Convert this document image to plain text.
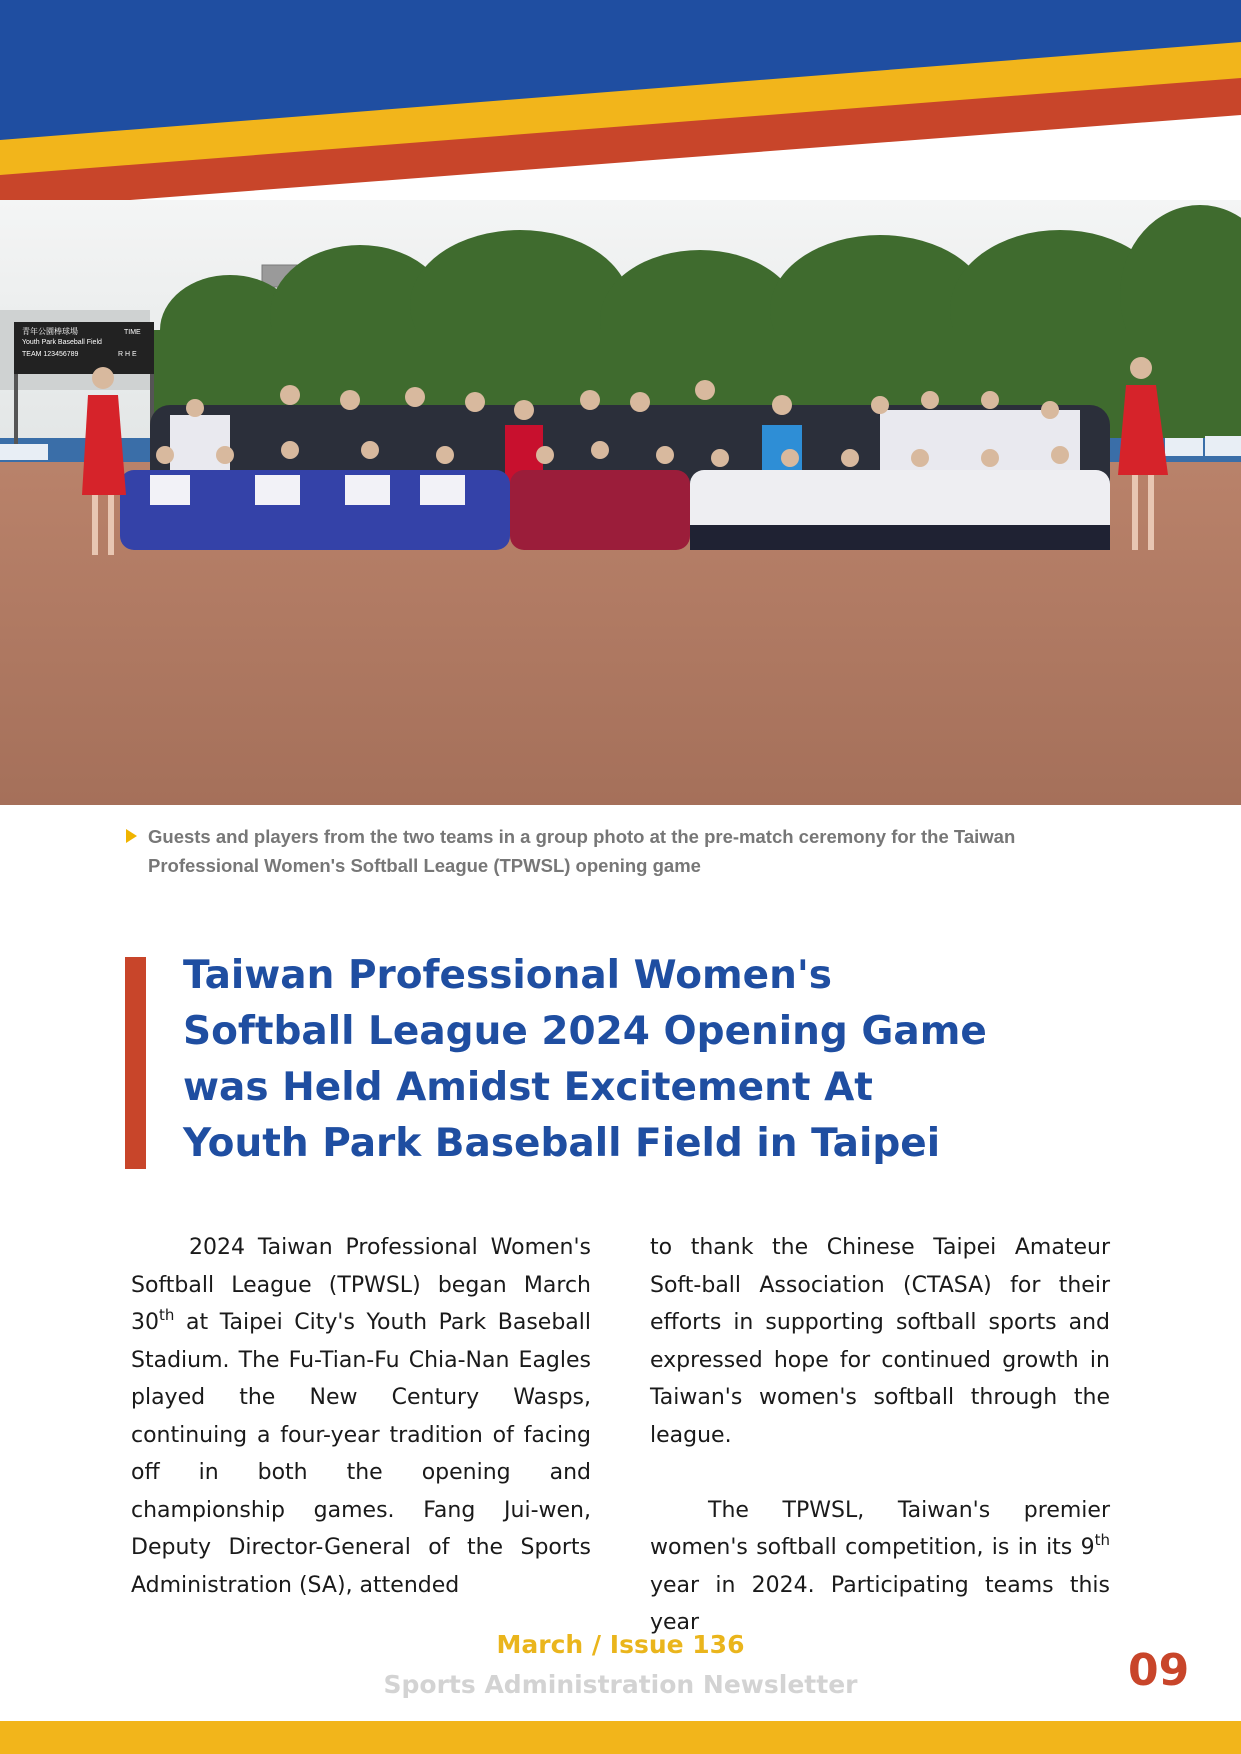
青年公園棒球場
Youth Park Baseball Field
TEAM 123456789	R H E
TIME
Guests and players from the two teams in a group photo at the pre-match ceremony for the Taiwan Professional Women's Softball League (TPWSL) opening game
Taiwan Professional Women's Softball League 2024 Opening Game was Held Amidst Excitement At Youth Park Baseball Field in Taipei
2024 Taiwan Professional Women's Softball League (TPWSL) began March 30th at Taipei City's Youth Park Baseball Stadium. The Fu-Tian-Fu Chia-Nan Eagles played the New Century Wasps, continuing a four-year tradition of facing off in both the opening and championship games. Fang Jui-wen, Deputy Director-General of the Sports Administration (SA), attended
to thank the Chinese Taipei Amateur Soft-ball Association (CTASA) for their efforts in supporting softball sports and expressed hope for continued growth in Taiwan's women's softball through the league.
The TPWSL, Taiwan's premier women's softball competition, is in its 9th year in 2024. Participating teams this year
March / Issue 136
Sports Administration Newsletter	09
